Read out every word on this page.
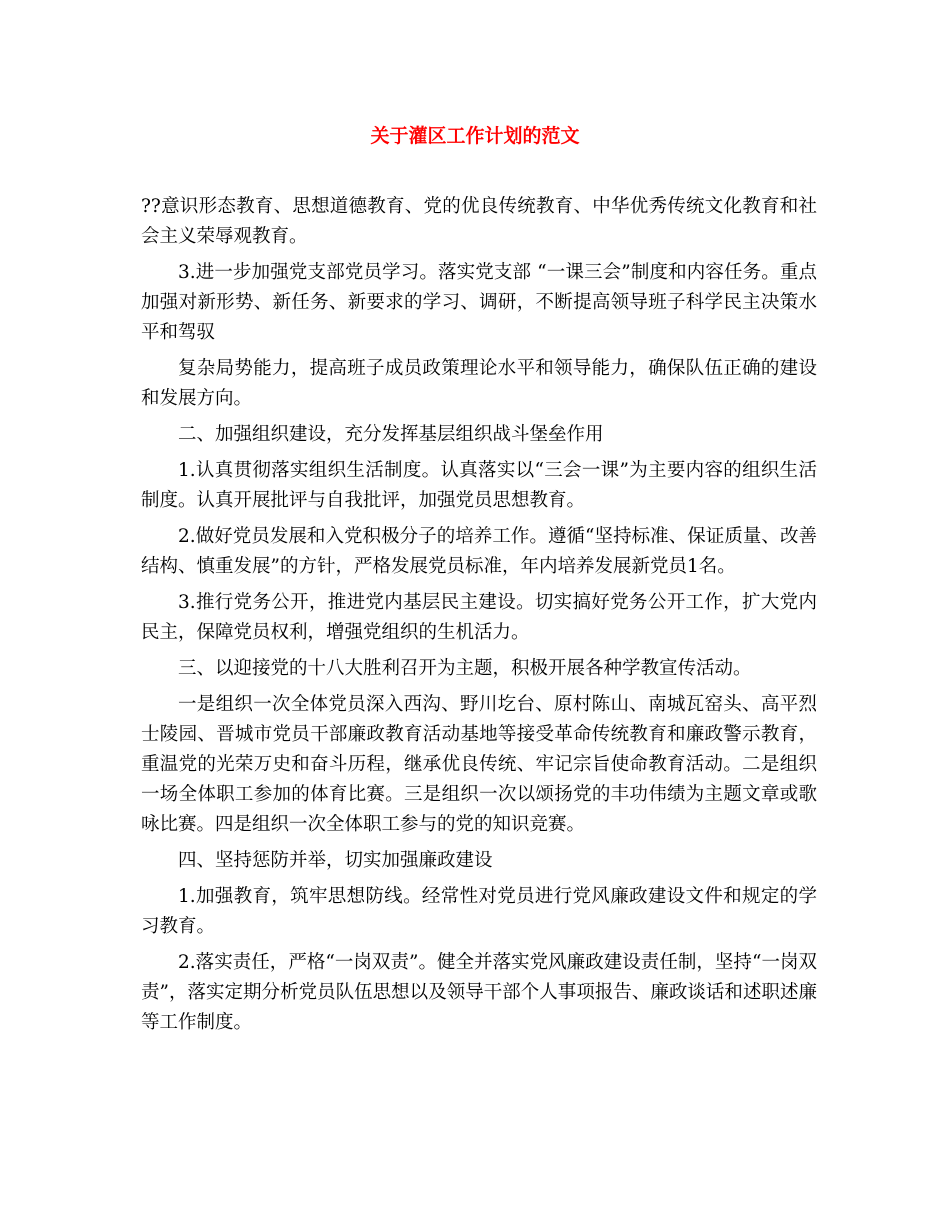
关于灌区工作计划的范文

??意识形态教育、思想道德教育、党的优良传统教育、中华优秀传统文化教育和社会主义荣辱观教育。

3.进一步加强党支部党员学习。落实党支部 “一课三会”制度和内容任务。重点加强对新形势、新任务、新要求的学习、调研，不断提高领导班子科学民主决策水平和驾驭

复杂局势能力，提高班子成员政策理论水平和领导能力，确保队伍正确的建设和发展方向。

二、加强组织建设，充分发挥基层组织战斗堡垒作用

1.认真贯彻落实组织生活制度。认真落实以“三会一课”为主要内容的组织生活制度。认真开展批评与自我批评，加强党员思想教育。

2.做好党员发展和入党积极分子的培养工作。遵循“坚持标准、保证质量、改善结构、慎重发展”的方针，严格发展党员标准，年内培养发展新党员1名。

3.推行党务公开，推进党内基层民主建设。切实搞好党务公开工作，扩大党内民主，保障党员权利，增强党组织的生机活力。

三、以迎接党的十八大胜利召开为主题，积极开展各种学教宣传活动。

一是组织一次全体党员深入西沟、野川圪台、原村陈山、南城瓦窑头、高平烈士陵园、晋城市党员干部廉政教育活动基地等接受革命传统教育和廉政警示教育，重温党的光荣万史和奋斗历程，继承优良传统、牢记宗旨使命教育活动。二是组织一场全体职工参加的体育比赛。三是组织一次以颂扬党的丰功伟绩为主题文章或歌咏比赛。四是组织一次全体职工参与的党的知识竞赛。

四、坚持惩防并举，切实加强廉政建设

1.加强教育，筑牢思想防线。经常性对党员进行党风廉政建设文件和规定的学习教育。

2.落实责任，严格“一岗双责”。健全并落实党风廉政建设责任制，坚持“一岗双责”，落实定期分析党员队伍思想以及领导干部个人事项报告、廉政谈话和述职述廉等工作制度。
